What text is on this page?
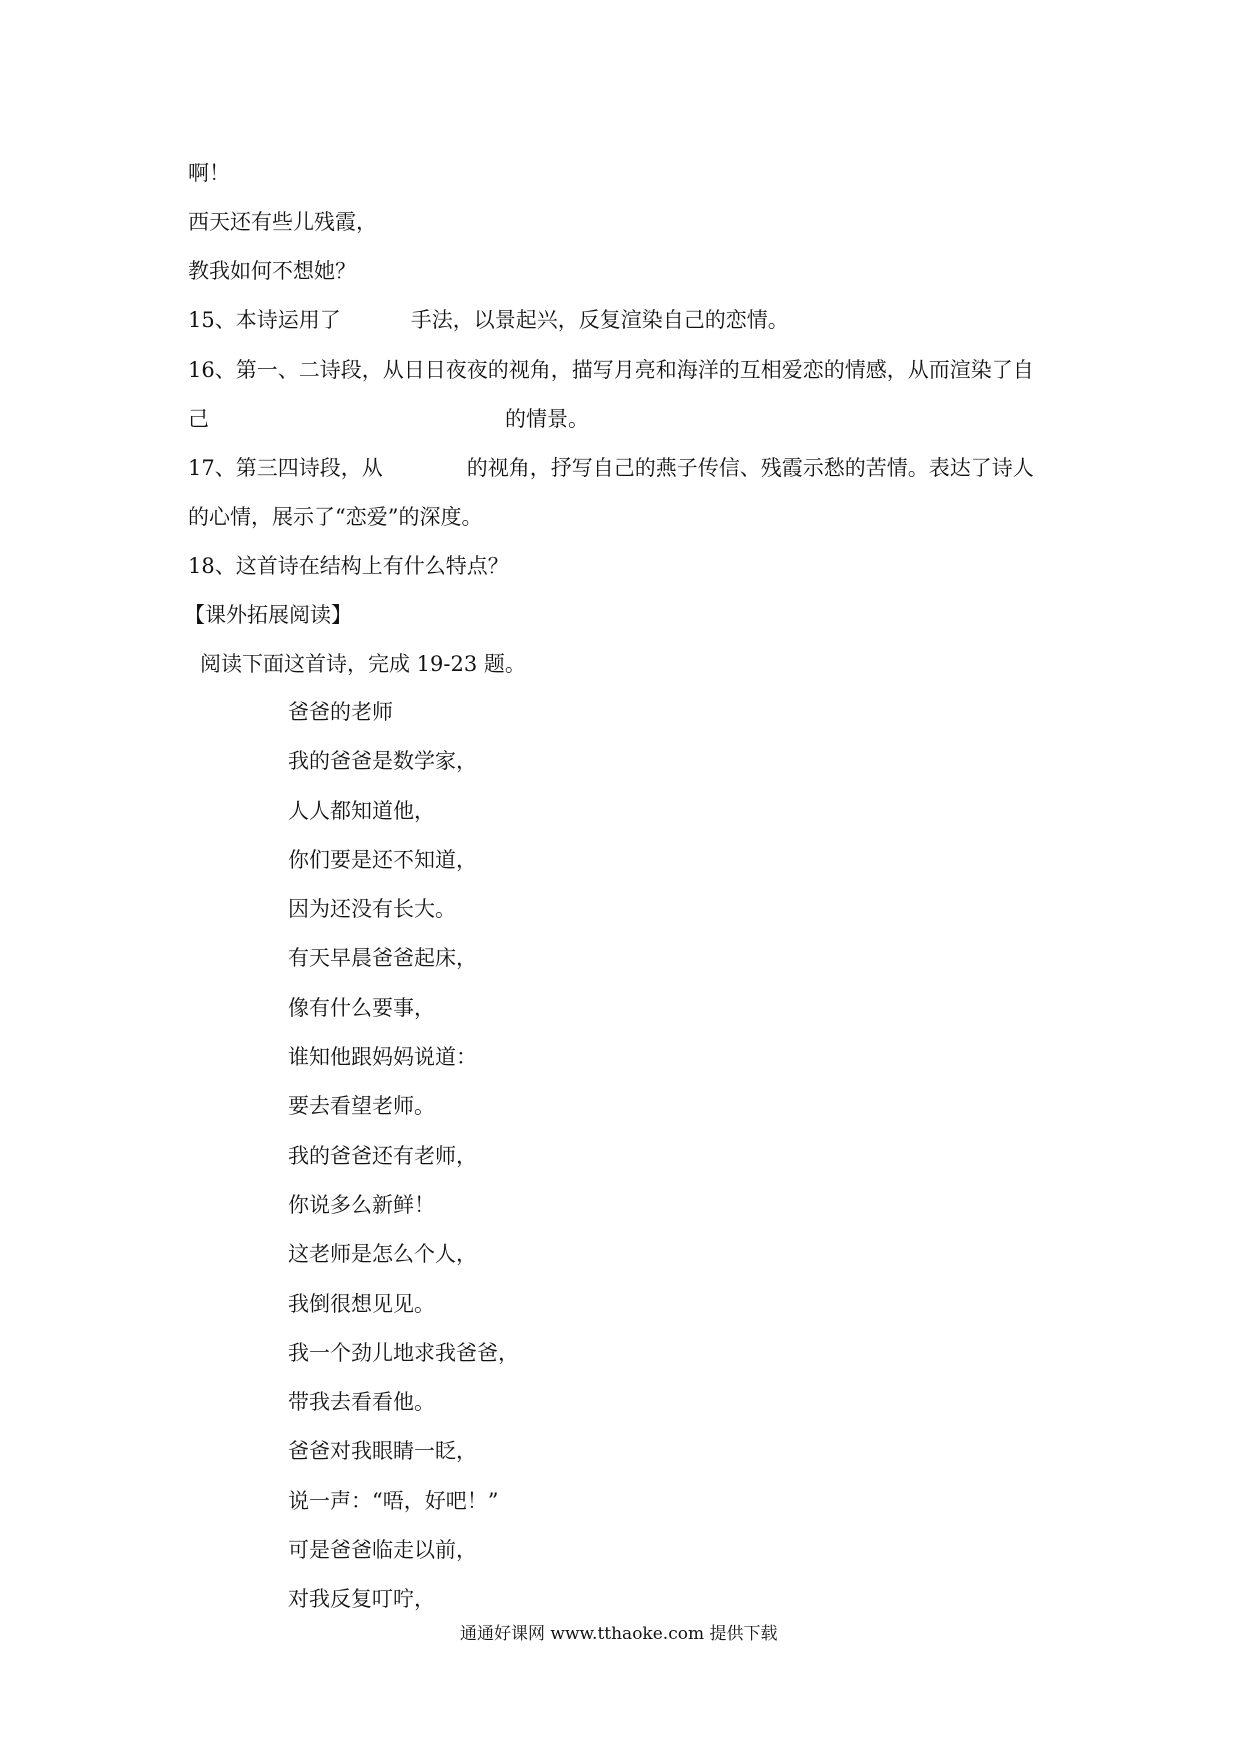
啊！
西天还有些儿残霞，
教我如何不想她？
15、本诗运用了	手法，以景起兴，反复渲染自己的恋情。
16、第一、二诗段，从日日夜夜的视角，描写月亮和海洋的互相爱恋的情感，从而渲染了自
己	的情景。
17、第三四诗段，从	的视角，抒写自己的燕子传信、残霞示愁的苦情。表达了诗人
的心情，展示了“恋爱”的深度。
18、这首诗在结构上有什么特点？
【课外拓展阅读】
阅读下面这首诗，完成 19-23 题。
爸爸的老师
我的爸爸是数学家，
人人都知道他，
你们要是还不知道，
因为还没有长大。
有天早晨爸爸起床，
像有什么要事，
谁知他跟妈妈说道：
要去看望老师。
我的爸爸还有老师，
你说多么新鲜！
这老师是怎么个人，
我倒很想见见。
我一个劲儿地求我爸爸，
带我去看看他。
爸爸对我眼睛一眨，
说一声：“唔，好吧！”
可是爸爸临走以前，
对我反复叮咛，
通通好课网 www.tthaoke.com 提供下载
